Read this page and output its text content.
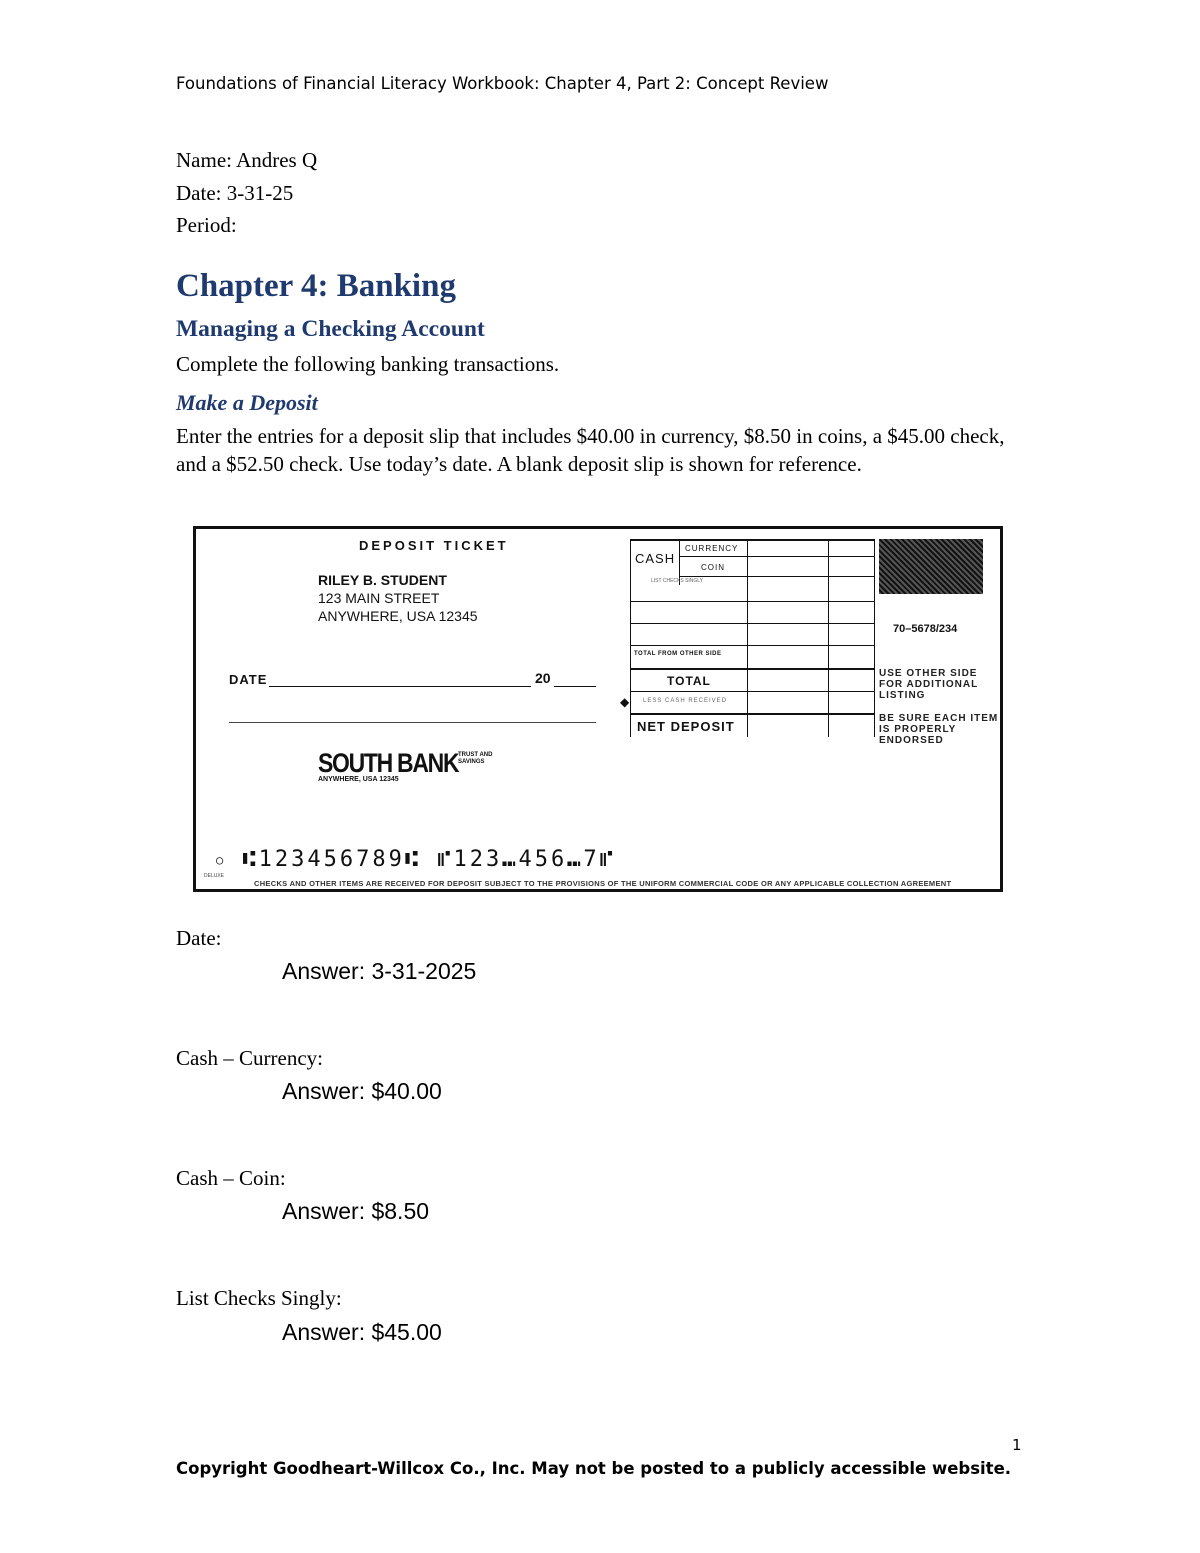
Foundations of Financial Literacy Workbook: Chapter 4, Part 2: Concept Review
Name: Andres Q
Date: 3-31-25
Period:
Chapter 4: Banking
Managing a Checking Account
Complete the following banking transactions.
Make a Deposit
Enter the entries for a deposit slip that includes $40.00 in currency, $8.50 in coins, a $45.00 check, and a $52.50 check. Use today’s date. A blank deposit slip is shown for reference.
DEPOSIT TICKET
RILEY B. STUDENT
123 MAIN STREET
ANYWHERE, USA 12345
DATE	20
SOUTH BANK TRUST AND SAVINGS
ANYWHERE, USA 12345
CASH
CURRENCY
COIN
LIST CHECKS SINGLY
TOTAL FROM OTHER SIDE
TOTAL
LESS CASH RECEIVED
NET DEPOSIT
◆
70–5678/234
USE OTHER SIDE FOR ADDITIONAL LISTING
BE SURE EACH ITEM IS PROPERLY ENDORSED
○ ⑆123456789⑆ ⑈123⑉456⑉7⑈
DELUXE
CHECKS AND OTHER ITEMS ARE RECEIVED FOR DEPOSIT SUBJECT TO THE PROVISIONS OF THE UNIFORM COMMERCIAL CODE OR ANY APPLICABLE COLLECTION AGREEMENT
Date:
Answer: 3-31-2025
Cash – Currency:
Answer: $40.00
Cash – Coin:
Answer: $8.50
List Checks Singly:
Answer: $45.00
1
Copyright Goodheart-Willcox Co., Inc. May not be posted to a publicly accessible website.
